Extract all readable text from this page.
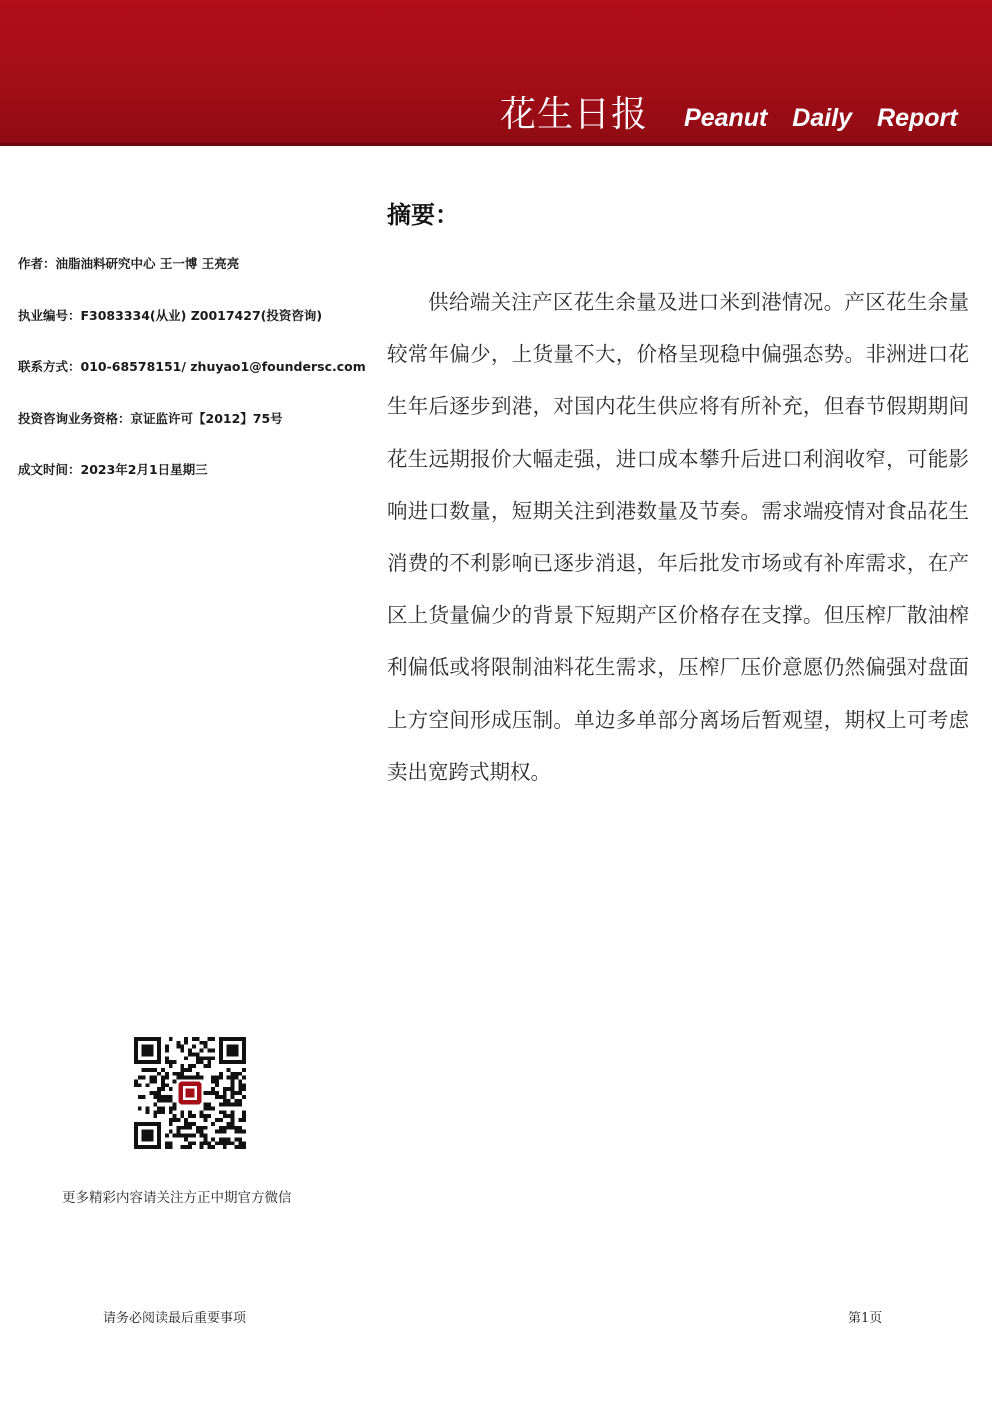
花生日报 Peanut Daily Report
作者：油脂油料研究中心 王一博 王亮亮
执业编号：F3083334(从业) Z0017427(投资咨询)
联系方式：010-68578151/ zhuyao1@foundersc.com
投资咨询业务资格：京证监许可【2012】75号
成文时间：2023年2月1日星期三
摘要：

供给端关注产区花生余量及进口米到港情况。产区花生余量较常年偏少，上货量不大，价格呈现稳中偏强态势。非洲进口花生年后逐步到港，对国内花生供应将有所补充，但春节假期期间花生远期报价大幅走强，进口成本攀升后进口利润收窄，可能影响进口数量，短期关注到港数量及节奏。需求端疫情对食品花生消费的不利影响已逐步消退，年后批发市场或有补库需求，在产区上货量偏少的背景下短期产区价格存在支撑。但压榨厂散油榨利偏低或将限制油料花生需求，压榨厂压价意愿仍然偏强对盘面上方空间形成压制。单边多单部分离场后暂观望，期权上可考虑卖出宽跨式期权。

更多精彩内容请关注方正中期官方微信
请务必阅读最后重要事项	第1页
